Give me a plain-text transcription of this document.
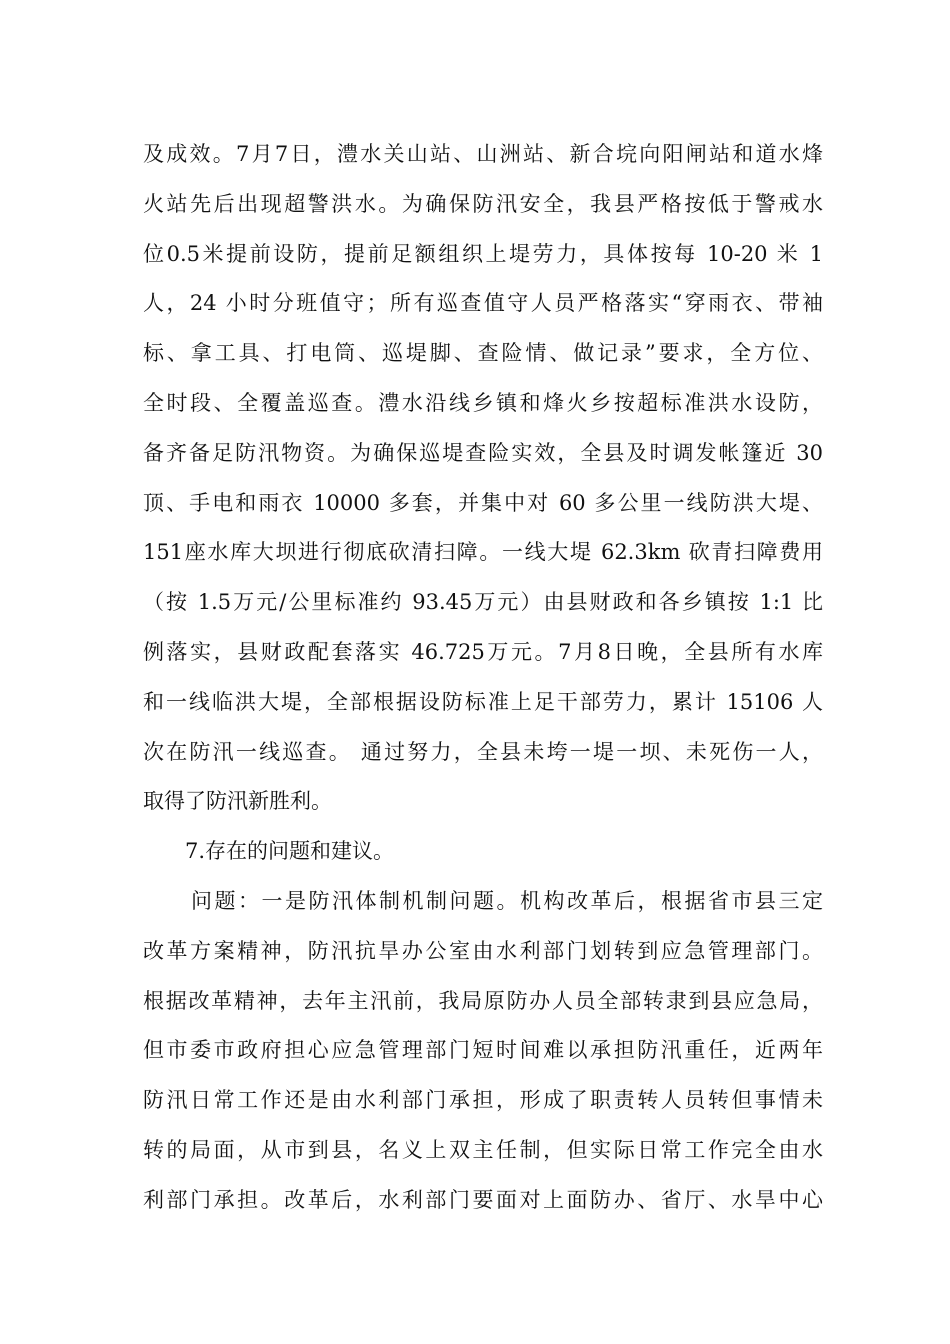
及成效。7月7日，澧水关山站、山洲站、新合垸向阳闸站和道水烽
火站先后出现超警洪水。为确保防汛安全，我县严格按低于警戒水
位0.5米提前设防，提前足额组织上堤劳力，具体按每 10-20 米 1
人，24 小时分班值守；所有巡查值守人员严格落实“穿雨衣、带袖
标、拿工具、打电筒、巡堤脚、查险情、做记录”要求，全方位、
全时段、全覆盖巡查。澧水沿线乡镇和烽火乡按超标准洪水设防，
备齐备足防汛物资。为确保巡堤查险实效，全县及时调发帐篷近 30
顶、手电和雨衣 10000 多套，并集中对 60 多公里一线防洪大堤、
151座水库大坝进行彻底砍清扫障。一线大堤 62.3km 砍青扫障费用
（按 1.5万元/公里标准约 93.45万元）由县财政和各乡镇按 1:1 比
例落实，县财政配套落实 46.725万元。7月8日晚，全县所有水库
和一线临洪大堤，全部根据设防标准上足干部劳力，累计 15106 人
次在防汛一线巡查。 通过努力，全县未垮一堤一坝、未死伤一人，
取得了防汛新胜利。
7.存在的问题和建议。
问题：一是防汛体制机制问题。机构改革后，根据省市县三定
改革方案精神，防汛抗旱办公室由水利部门划转到应急管理部门。
根据改革精神，去年主汛前，我局原防办人员全部转隶到县应急局，
但市委市政府担心应急管理部门短时间难以承担防汛重任，近两年
防汛日常工作还是由水利部门承担，形成了职责转人员转但事情未
转的局面，从市到县，名义上双主任制，但实际日常工作完全由水
利部门承担。改革后，水利部门要面对上面防办、省厅、水旱中心
